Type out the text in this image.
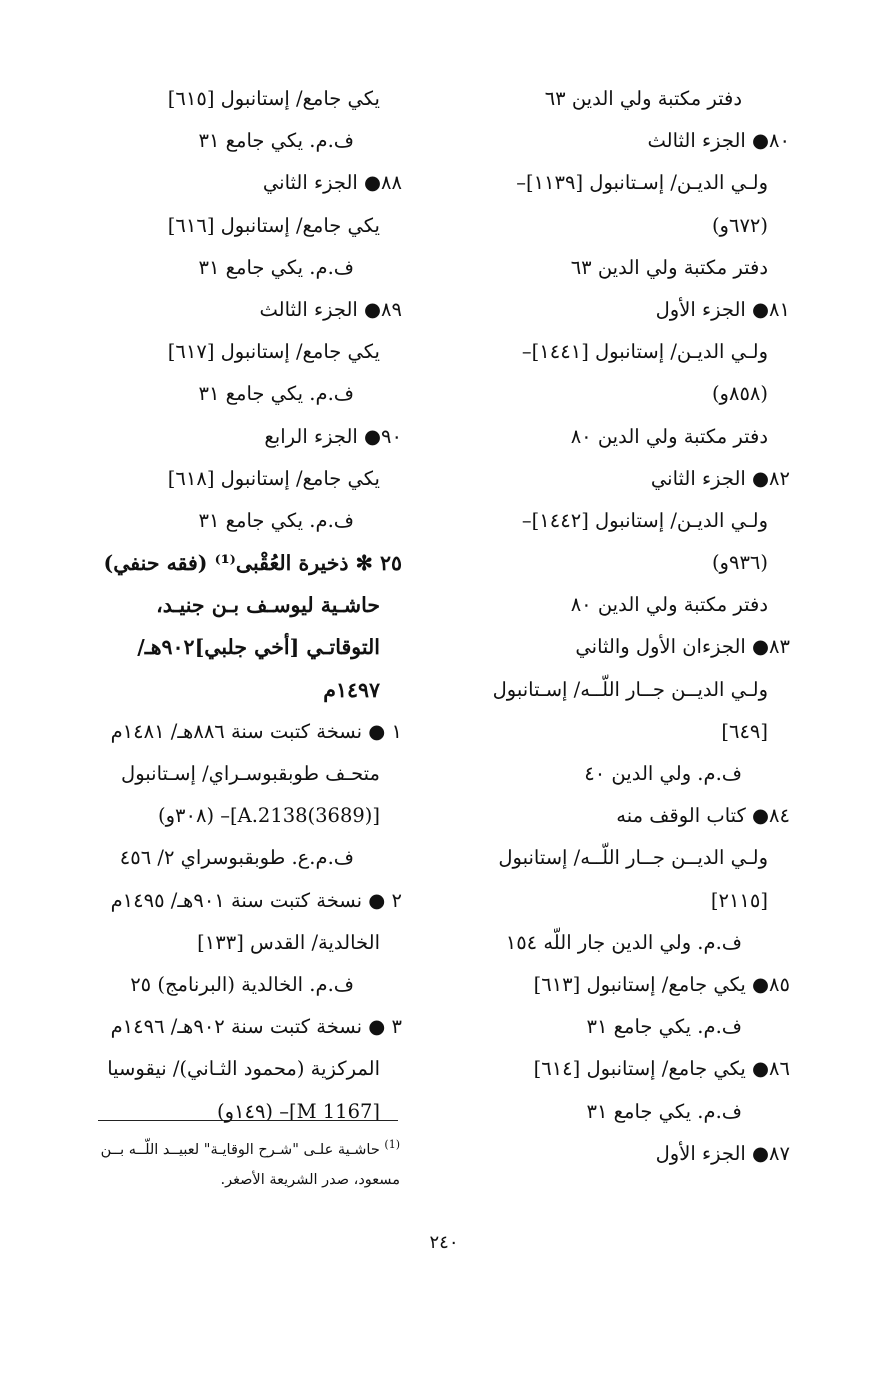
دفتر مكتبة ولي الدين ٦٣
٨٠● الجزء الثالث
ولـي الديـن/ إسـتانبول [١١٣٩]–
(٦٧٢و)
دفتر مكتبة ولي الدين ٦٣
٨١● الجزء الأول
ولـي الديـن/ إستانبول [١٤٤١]–
(٨٥٨و)
دفتر مكتبة ولي الدين ٨٠
٨٢● الجزء الثاني
ولـي الديـن/ إستانبول [١٤٤٢]–
(٩٣٦و)
دفتر مكتبة ولي الدين ٨٠
٨٣● الجزءان الأول والثاني
ولـي الديــن جــار اللّــه/ إسـتانبول
[٦٤٩]
ف.م. ولي الدين ٤٠
٨٤● كتاب الوقف منه
ولـي الديــن جــار اللّــه/ إستانبول
[٢١١٥]
ف.م. ولي الدين جار اللّه ١٥٤
٨٥● يكي جامع/ إستانبول [٦١٣]
ف.م. يكي جامع ٣١
٨٦● يكي جامع/ إستانبول [٦١٤]
ف.م. يكي جامع ٣١
٨٧● الجزء الأول
يكي جامع/ إستانبول [٦١٥]
ف.م. يكي جامع ٣١
٨٨● الجزء الثاني
يكي جامع/ إستانبول [٦١٦]
ف.م. يكي جامع ٣١
٨٩● الجزء الثالث
يكي جامع/ إستانبول [٦١٧]
ف.م. يكي جامع ٣١
٩٠● الجزء الرابع
يكي جامع/ إستانبول [٦١٨]
ف.م. يكي جامع ٣١
٢٥ ✻ ذخيرة العُقْبى⁽¹⁾ (فقه حنفي)
حاشـية ليوسـف بـن جنيـد،
التوقاتـي [أخي جلبي]٩٠٢هـ/
١٤٩٧م
١ ● نسخة كتبت سنة ٨٨٦هـ/ ١٤٨١م
متحـف طوبقبوسـراي/ إسـتانبول
[A.2138(3689)]– (٣٠٨و)
ف.م.ع. طوبقبوسراي ٢/ ٤٥٦
٢ ● نسخة كتبت سنة ٩٠١هـ/ ١٤٩٥م
الخالدية/ القدس [١٣٣]
ف.م. الخالدية (البرنامج) ٢٥
٣ ● نسخة كتبت سنة ٩٠٢هـ/ ١٤٩٦م
المركزية (محمود الثـاني)/ نيقوسيا
[M 1167]– (١٤٩و)
$^{(1)}$ حاشـية علـى "شـرح الوقايـة" لعبيــد اللّــه بــن
مسعود، صدر الشريعة الأصغر.
٢٤٠
